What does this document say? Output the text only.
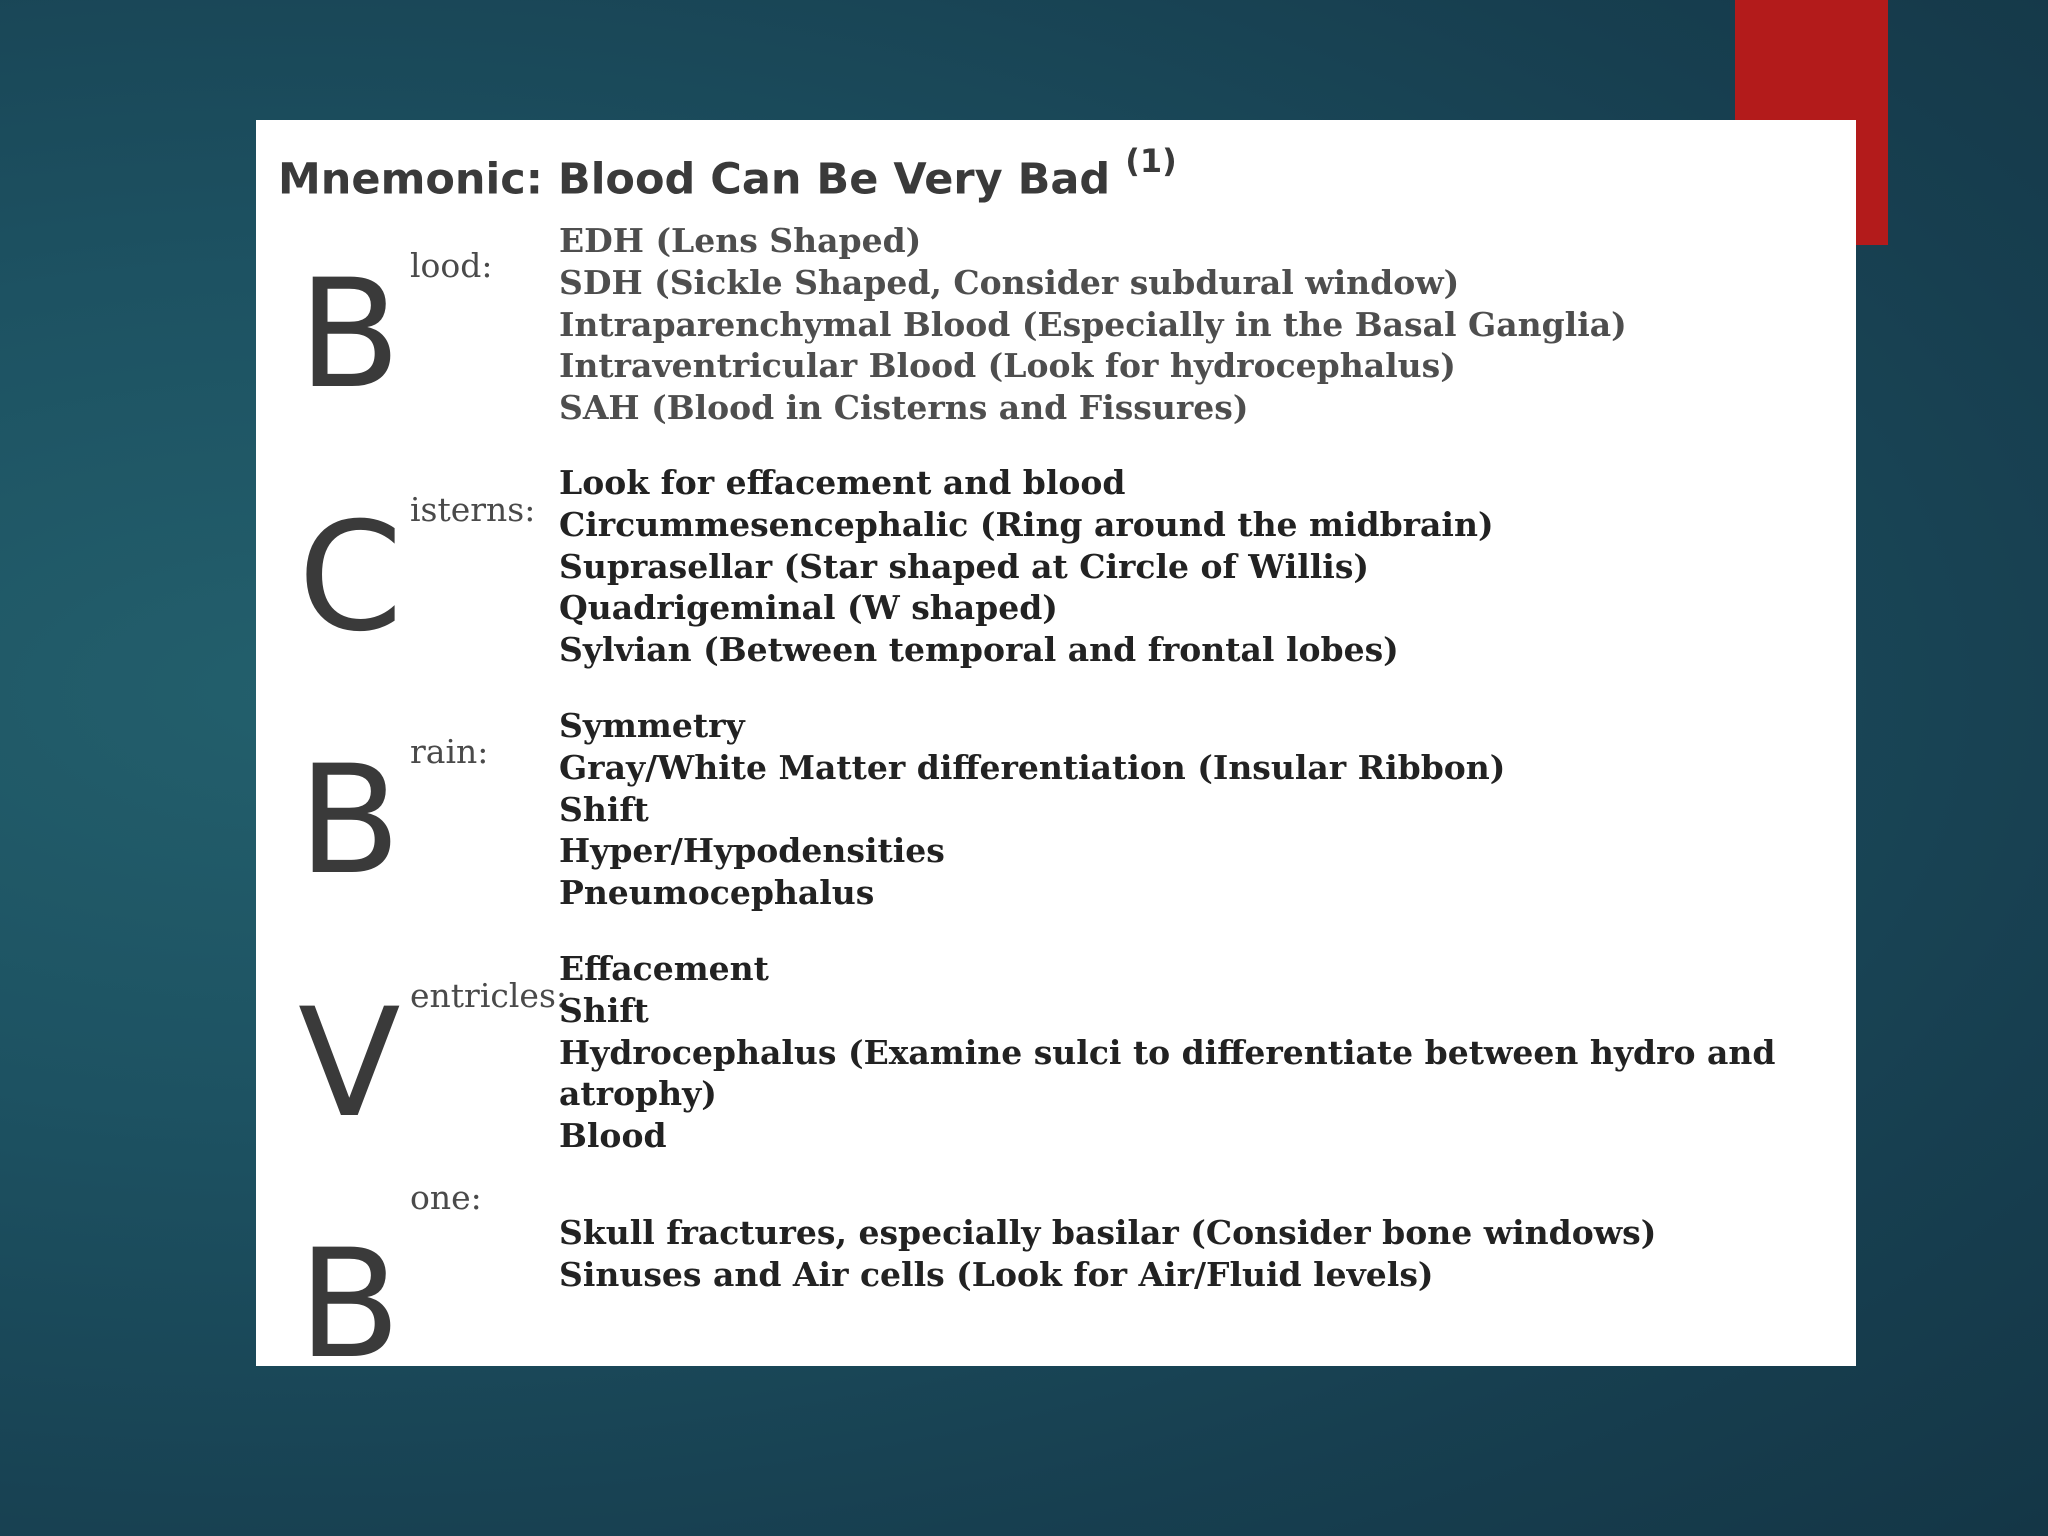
Mnemonic: Blood Can Be Very Bad $^{(1)}$
B lood:
EDH (Lens Shaped)
SDH (Sickle Shaped, Consider subdural window)
Intraparenchymal Blood (Especially in the Basal Ganglia)
Intraventricular Blood (Look for hydrocephalus)
SAH (Blood in Cisterns and Fissures)
C isterns:
Look for effacement and blood
Circummesencephalic (Ring around the midbrain)
Suprasellar (Star shaped at Circle of Willis)
Quadrigeminal (W shaped)
Sylvian (Between temporal and frontal lobes)
B rain:
Symmetry
Gray/White Matter differentiation (Insular Ribbon)
Shift
Hyper/Hypodensities
Pneumocephalus
V entricles:
Effacement
Shift
Hydrocephalus (Examine sulci to differentiate between hydro and
atrophy)
Blood
B
one:
Skull fractures, especially basilar (Consider bone windows)
Sinuses and Air cells (Look for Air/Fluid levels)
